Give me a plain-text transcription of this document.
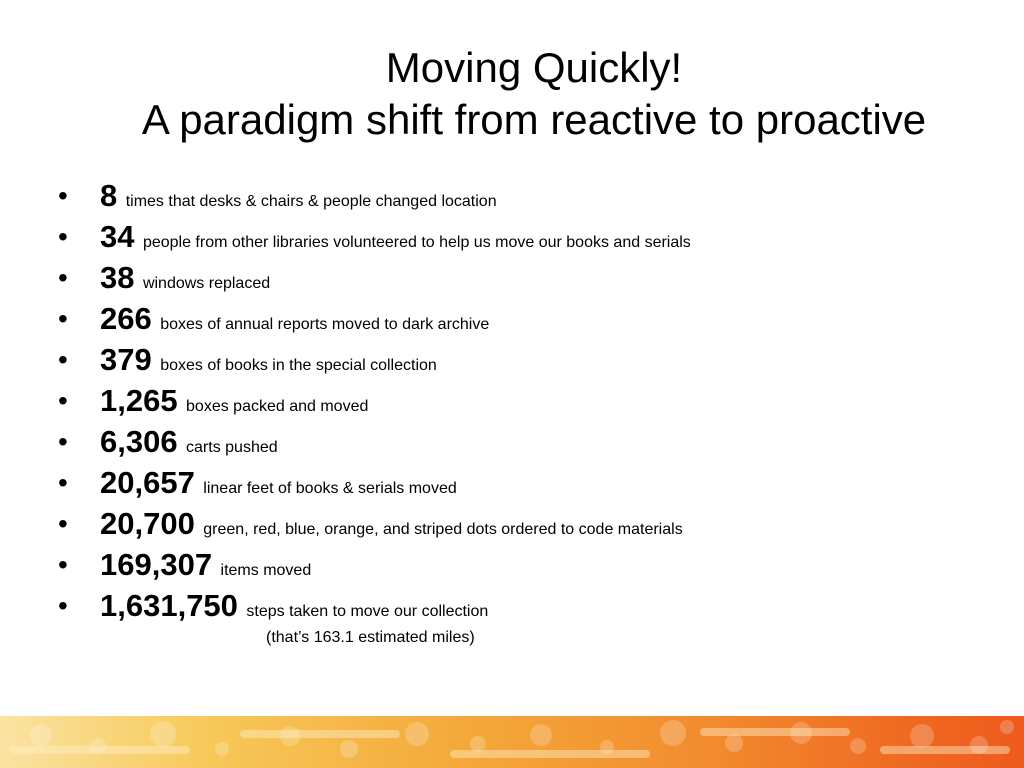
Moving Quickly!
A paradigm shift from reactive to proactive
• 8 times that desks & chairs & people changed location
• 34 people from other libraries volunteered to help us move our books and serials
• 38 windows replaced
• 266 boxes of annual reports moved to dark archive
• 379 boxes of books in the special collection
• 1,265 boxes packed and moved
• 6,306 carts pushed
• 20,657 linear feet of books & serials moved
• 20,700 green, red, blue, orange, and striped dots ordered to code materials
• 169,307 items moved
• 1,631,750 steps taken to move our collection
(that’s 163.1 estimated miles)
